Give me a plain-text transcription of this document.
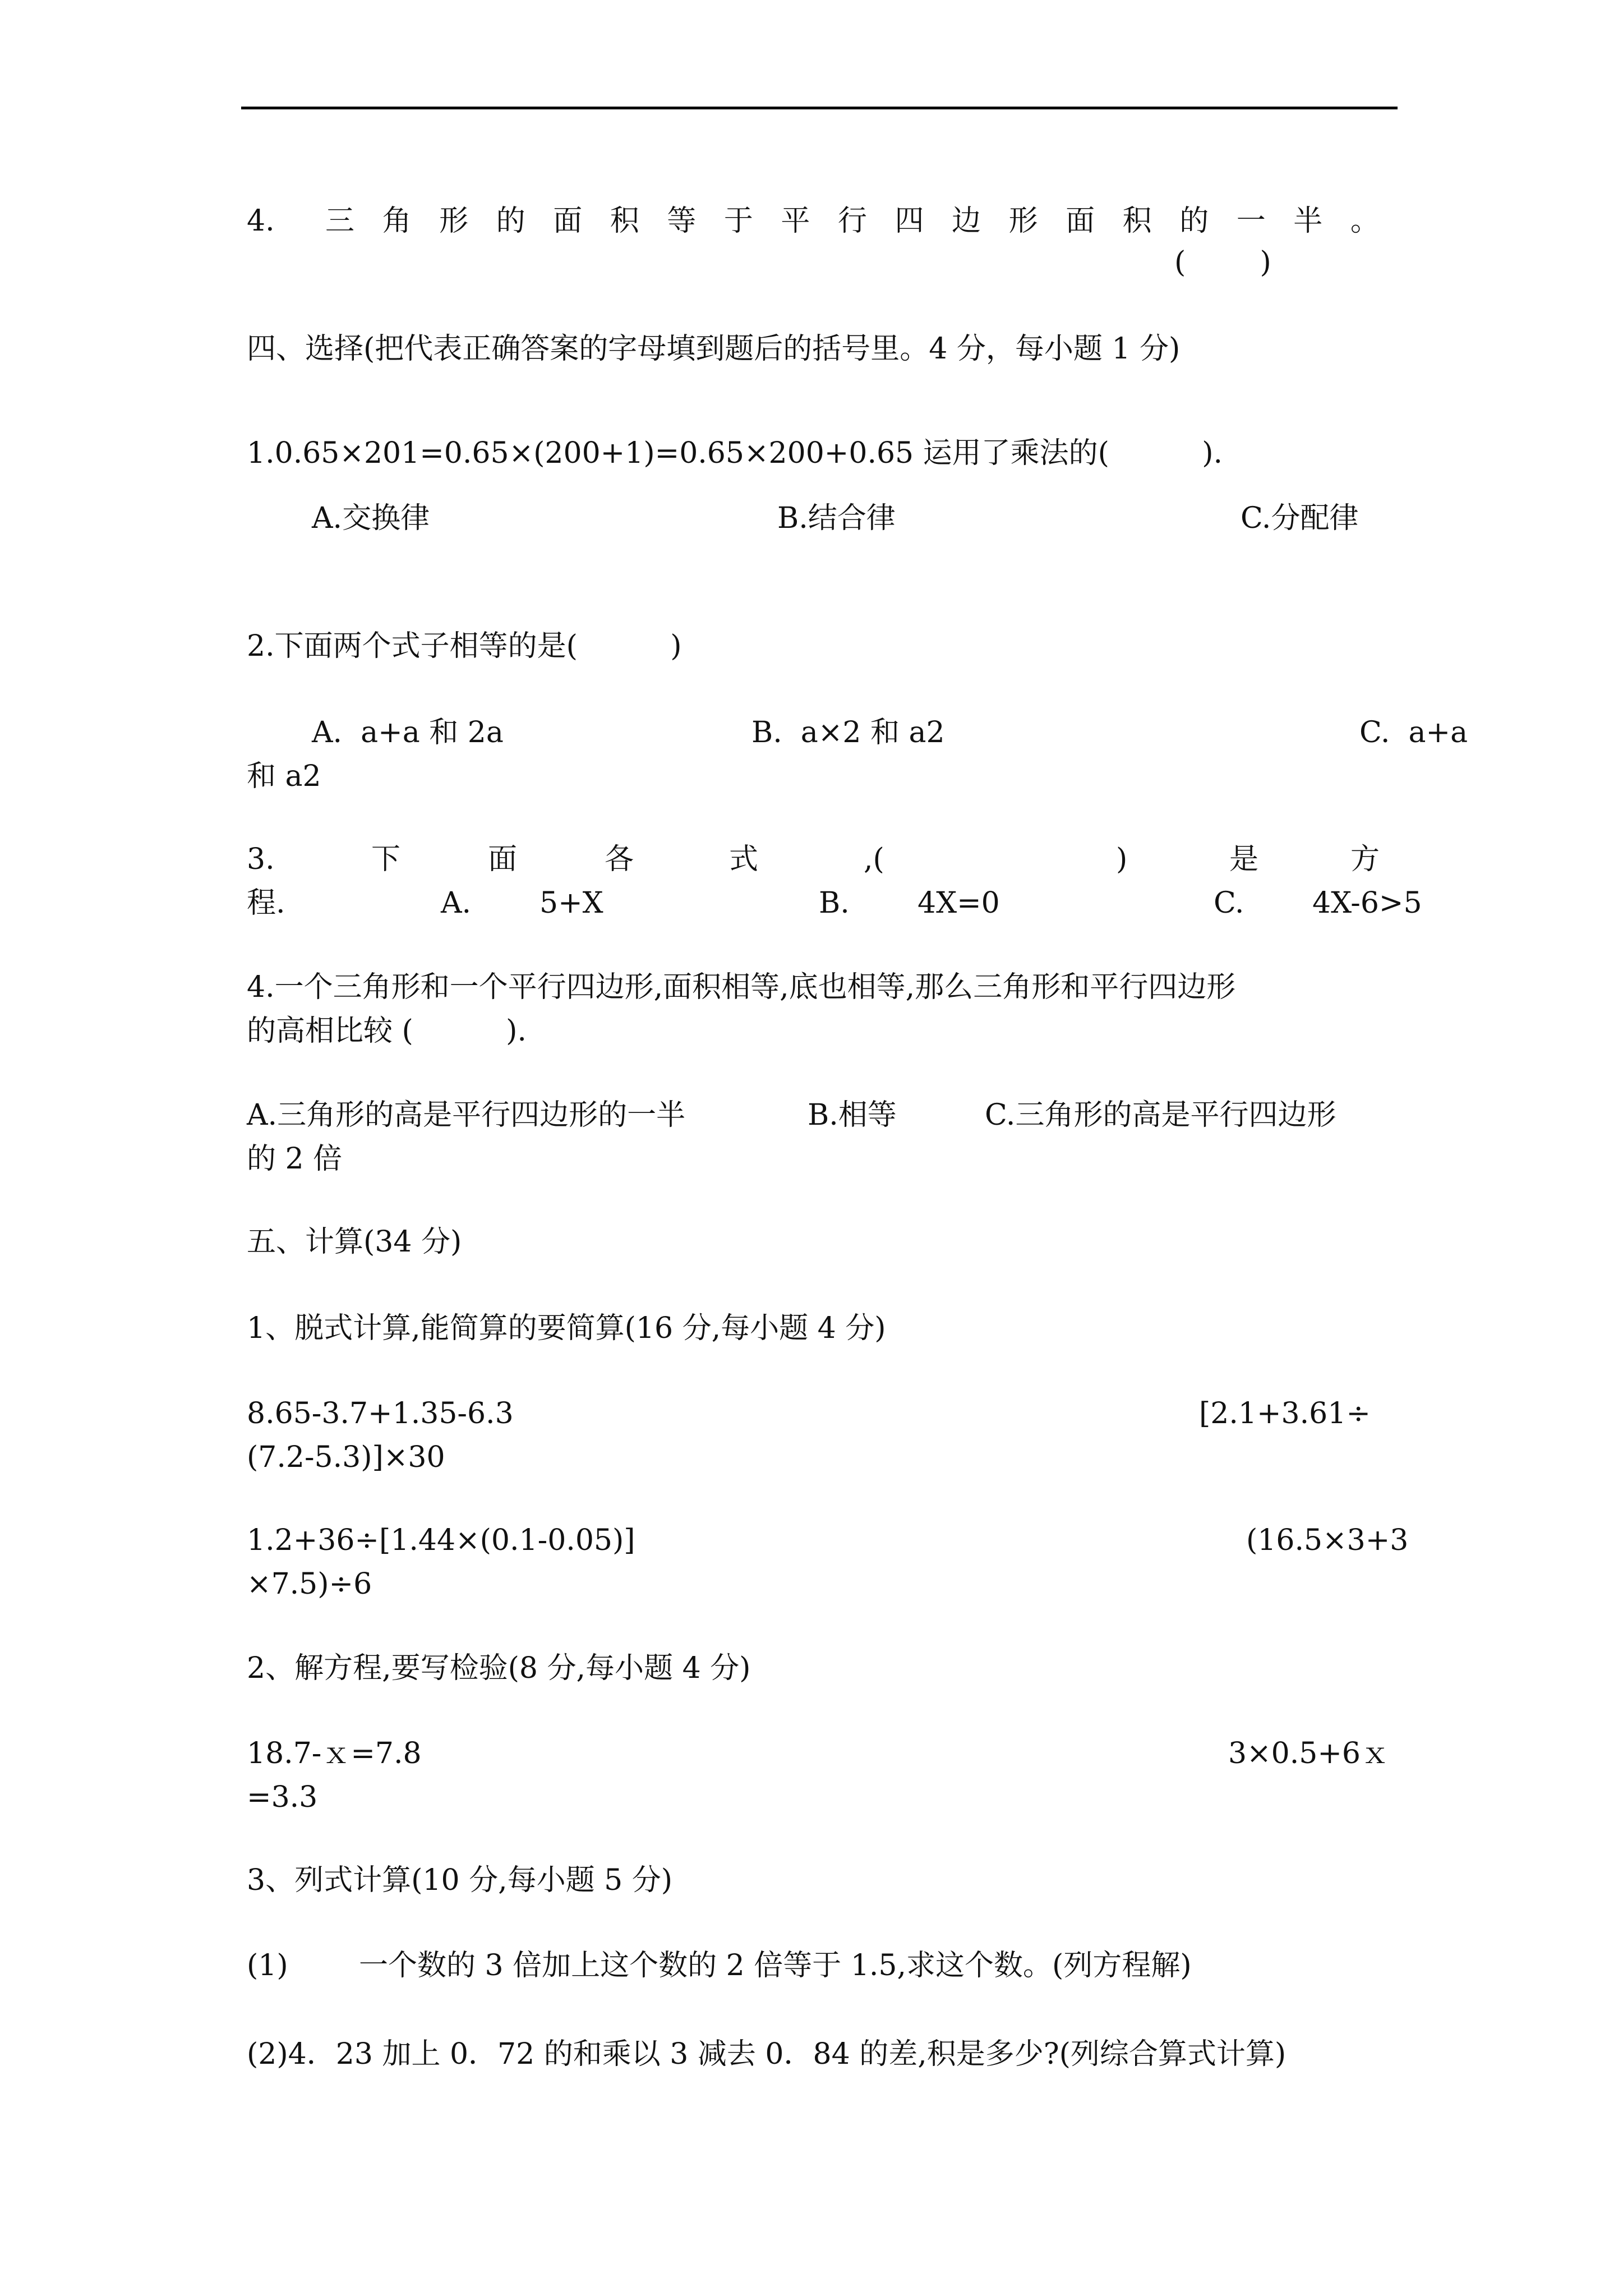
4. 三 角 形 的 面 积 等 于 平 行 四 边 形 面 积 的 一 半 。
(        )
四、选择(把代表正确答案的字母填到题后的括号里。4 分，每小题 1 分)
1.0.65×201=0.65×(200+1)=0.65×200+0.65 运用了乘法的(          ).
A.交换律	B.结合律	C.分配律
2.下面两个式子相等的是(          )
A.  a+a 和 2a	B.  a×2 和 a2	C.  a+a
和 a2
3.	下	面	各	式	,(	)	是	方
程.	A. 5+X	B. 4X=0	C. 4X-6>5
4.一个三角形和一个平行四边形,面积相等,底也相等,那么三角形和平行四边形
的高相比较 (          ).
A.三角形的高是平行四边形的一半	B.相等	C.三角形的高是平行四边形
的 2 倍
五、计算(34 分)
1、脱式计算,能简算的要简算(16 分,每小题 4 分)
8.65-3.7+1.35-6.3	[2.1+3.61÷
(7.2-5.3)]×30
1.2+36÷[1.44×(0.1-0.05)]	(16.5×3+3
×7.5)÷6
2、解方程,要写检验(8 分,每小题 4 分)
18.7-ｘ=7.8	3×0.5+6ｘ
=3.3
3、列式计算(10 分,每小题 5 分)
(1) 一个数的 3 倍加上这个数的 2 倍等于 1.5,求这个数。(列方程解)
(2)4．23 加上 0．72 的和乘以 3 减去 0．84 的差,积是多少?(列综合算式计算)
